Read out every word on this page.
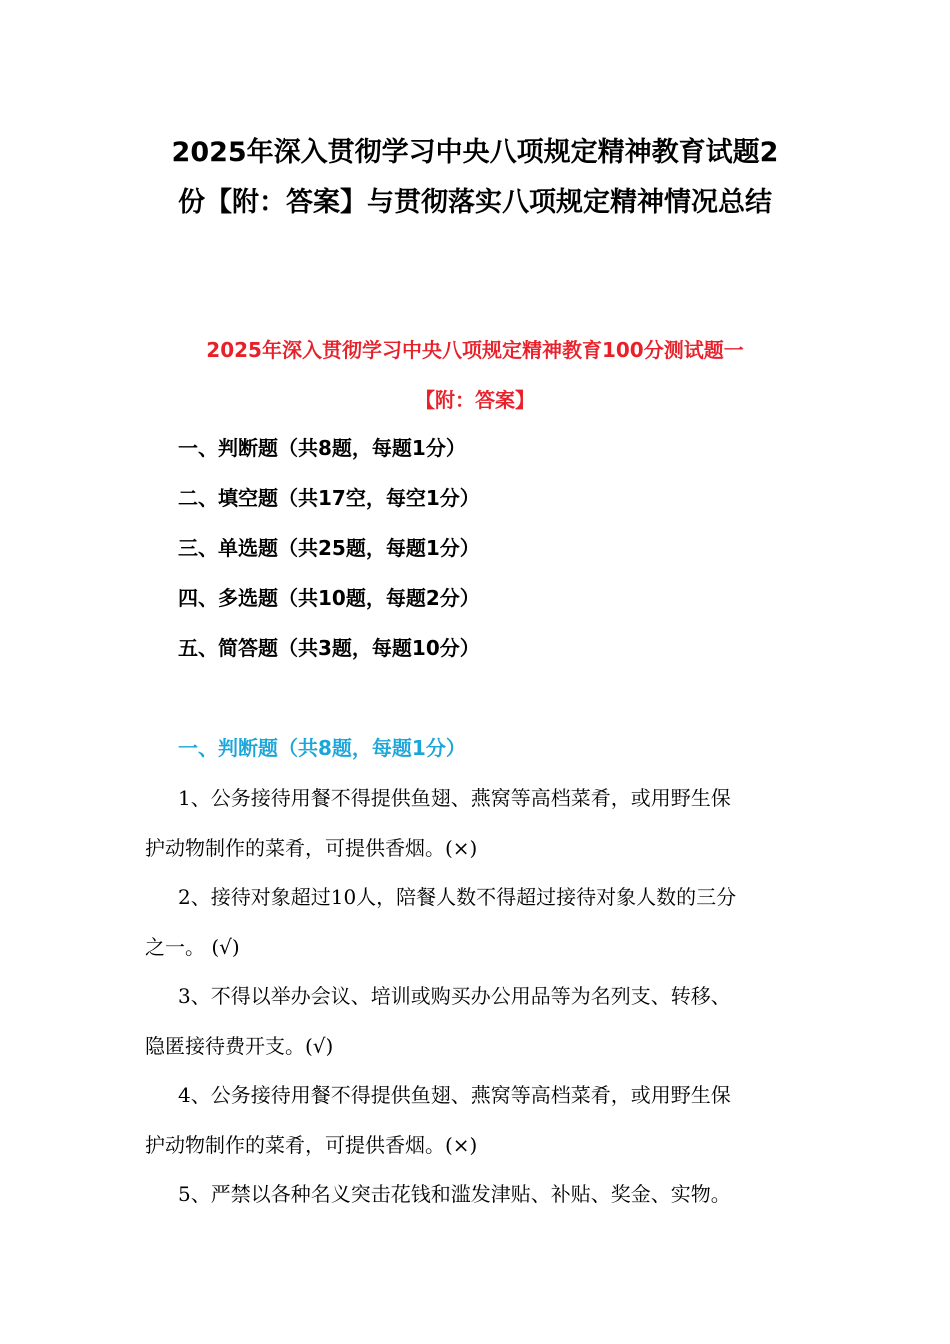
2025年深入贯彻学习中央八项规定精神教育试题2
份【附：答案】与贯彻落实八项规定精神情况总结
2025年深入贯彻学习中央八项规定精神教育100分测试题一
【附：答案】

一、判断题（共8题，每题1分）

二、填空题（共17空，每空1分）

三、单选题（共25题，每题1分）

四、多选题（共10题，每题2分）

五、简答题（共3题，每题10分）

一、判断题（共8题，每题1分）

1、公务接待用餐不得提供鱼翅、燕窝等高档菜肴，或用野生保

护动物制作的菜肴，可提供香烟。(×)

2、接待对象超过10人，陪餐人数不得超过接待对象人数的三分

之一。 (√)

3、不得以举办会议、培训或购买办公用品等为名列支、转移、

隐匿接待费开支。(√)

4、公务接待用餐不得提供鱼翅、燕窝等高档菜肴，或用野生保

护动物制作的菜肴，可提供香烟。(×)

5、严禁以各种名义突击花钱和滥发津贴、补贴、奖金、实物。
